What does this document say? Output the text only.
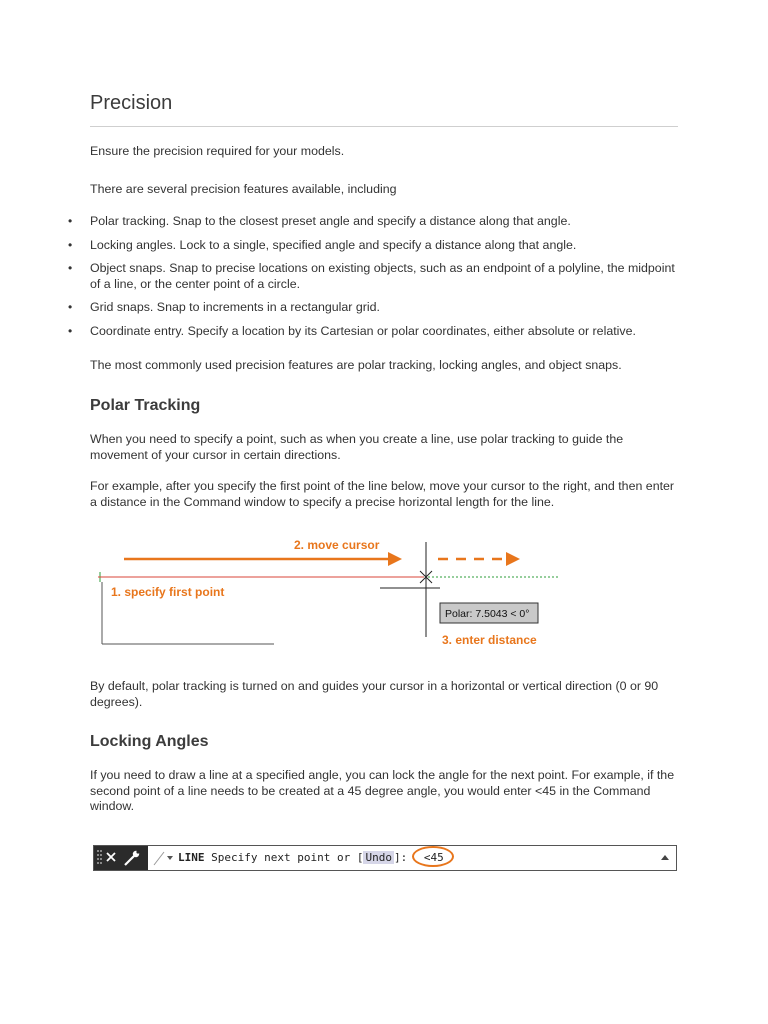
Precision
Ensure the precision required for your models.
There are several precision features available, including
• Polar tracking. Snap to the closest preset angle and specify a distance along that angle.
• Locking angles. Lock to a single, specified angle and specify a distance along that angle.
• Object snaps. Snap to precise locations on existing objects, such as an endpoint of a polyline, the midpoint of a line, or the center point of a circle.
• Grid snaps. Snap to increments in a rectangular grid.
• Coordinate entry. Specify a location by its Cartesian or polar coordinates, either absolute or relative.
The most commonly used precision features are polar tracking, locking angles, and object snaps.
Polar Tracking
When you need to specify a point, such as when you create a line, use polar tracking to guide the movement of your cursor in certain directions.
For example, after you specify the first point of the line below, move your cursor to the right, and then enter a distance in the Command window to specify a precise horizontal length for the line.
2. move cursor
1. specify first point
Polar: 7.5043 < 0°
3. enter distance
By default, polar tracking is turned on and guides your cursor in a horizontal or vertical direction (0 or 90 degrees).
Locking Angles
If you need to draw a line at a specified angle, you can lock the angle for the next point. For example, if the second point of a line needs to be created at a 45 degree angle, you would enter <45 in the Command window.
LINE Specify next point or [ Undo ]: <45
